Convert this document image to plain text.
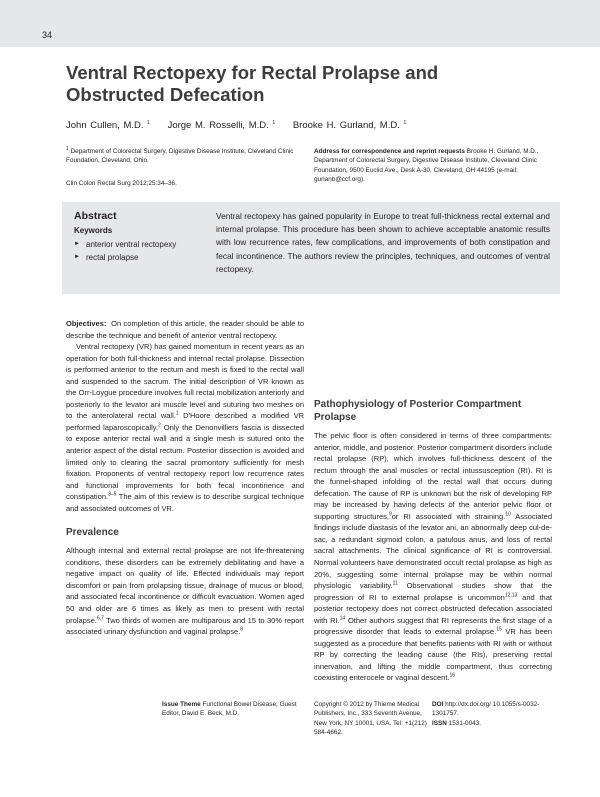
34
Ventral Rectopexy for Rectal Prolapse and Obstructed Defecation
John Cullen, M.D. $^1$ Jorge M. Rosselli, M.D. $^1$ Brooke H. Gurland, M.D. $^1$

$^1$ Department of Colorectal Surgery, Digestive Disease Institute, Cleveland Clinic Foundation, Cleveland, Ohio.

Clin Colon Rectal Surg 2012;25:34–36.

Address for correspondence and reprint requests Brooke H. Gurland, M.D., Department of Colorectal Surgery, Digestive Disease Institute, Cleveland Clinic Foundation, 9500 Euclid Ave., Desk A-30, Cleveland, OH 44195 (e-mail: gurlanb@ccf.org).

Abstract
Keywords
► anterior ventral rectopexy
► rectal prolapse

Ventral rectopexy has gained popularity in Europe to treat full-thickness rectal external and internal prolapse. This procedure has been shown to achieve acceptable anatomic results with low recurrence rates, few complications, and improvements of both constipation and fecal incontinence. The authors review the principles, techniques, and outcomes of ventral rectopexy.

Objectives: On completion of this article, the reader should be able to describe the technique and benefit of anterior ventral rectopexy.

Ventral rectopexy (VR) has gained momentum in recent years as an operation for both full-thickness and internal rectal prolapse. Dissection is performed anterior to the rectum and mesh is fixed to the rectal wall and suspended to the sacrum. The initial description of VR known as the Orr-Loygue procedure involves full rectal mobilization anteriorly and posteriorly to the levator ani muscle level and suturing two meshes on to the anterolateral rectal wall.$^1$ D'Hoore described a modified VR performed laparoscopically.$^2$ Only the Denonvilliers fascia is dissected to expose anterior rectal wall and a single mesh is sutured onto the anterior aspect of the distal rectum. Posterior dissection is avoided and limited only to clearing the sacral promontory sufficiently for mesh fixation. Proponents of ventral rectopexy report low recurrence rates and functional improvements for both fecal incontinence and constipation.$^{3-5}$ The aim of this review is to describe surgical technique and associated outcomes of VR.

Prevalence

Although internal and external rectal prolapse are not life-threatening conditions, these disorders can be extremely debilitating and have a negative impact on quality of life. Effected individuals may report discomfort or pain from prolapsing tissue, drainage of mucus or blood, and associated fecal incontinence or difficult evacuation. Women aged 50 and older are 6 times as likely as men to present with rectal prolapse.$^{6,7}$ Two thirds of women are multiparous and 15 to 30% report associated urinary dysfunction and vaginal prolapse.$^8$

Pathophysiology of Posterior Compartment Prolapse

The pelvic floor is often considered in terms of three compartments: anterior, middle, and posterior. Posterior compartment disorders include rectal prolapse (RP), which involves full-thickness descent of the rectum through the anal muscles or rectal intussusception (RI). RI is the funnel-shaped infolding of the rectal wall that occurs during defecation. The cause of RP is unknown but the risk of developing RP may be increased by having defects of the anterior pelvic floor or supporting structures,$^9$or RI associated with straining.$^{10}$ Associated findings include diastasis of the levator ani, an abnormally deep cul-de-sac, a redundant sigmoid colon, a patulous anus, and loss of rectal sacral attachments. The clinical significance of RI is controversial. Normal volunteers have demonstrated occult rectal prolapse as high as 20%, suggesting some internal prolapse may be within normal physiologic variability.$^{11}$ Observational studies show that the progression of RI to external prolapse is uncommon$^{12,13}$ and that posterior rectopexy does not correct obstructed defecation associated with RI.$^{14}$ Other authors suggest that RI represents the first stage of a progressive disorder that leads to external prolapse.$^{15}$ VR has been suggested as a procedure that benefits patients with RI with or without RP by correcting the leading cause (the RIs), preserving rectal innervation, and lifting the middle compartment, thus correcting coexisting enterocele or vaginal descent.$^{16}$

Issue Theme Functional Bowel Disease; Guest Editor, David E. Beck, M.D.

Copyright © 2012 by Thieme Medical Publishers, Inc., 333 Seventh Avenue, New York, NY 10001, USA. Tel: +1(212) 584-4662.

DOI http://dx.doi.org/ 10.1055/s-0032-1301757.
ISSN 1531-0043.
